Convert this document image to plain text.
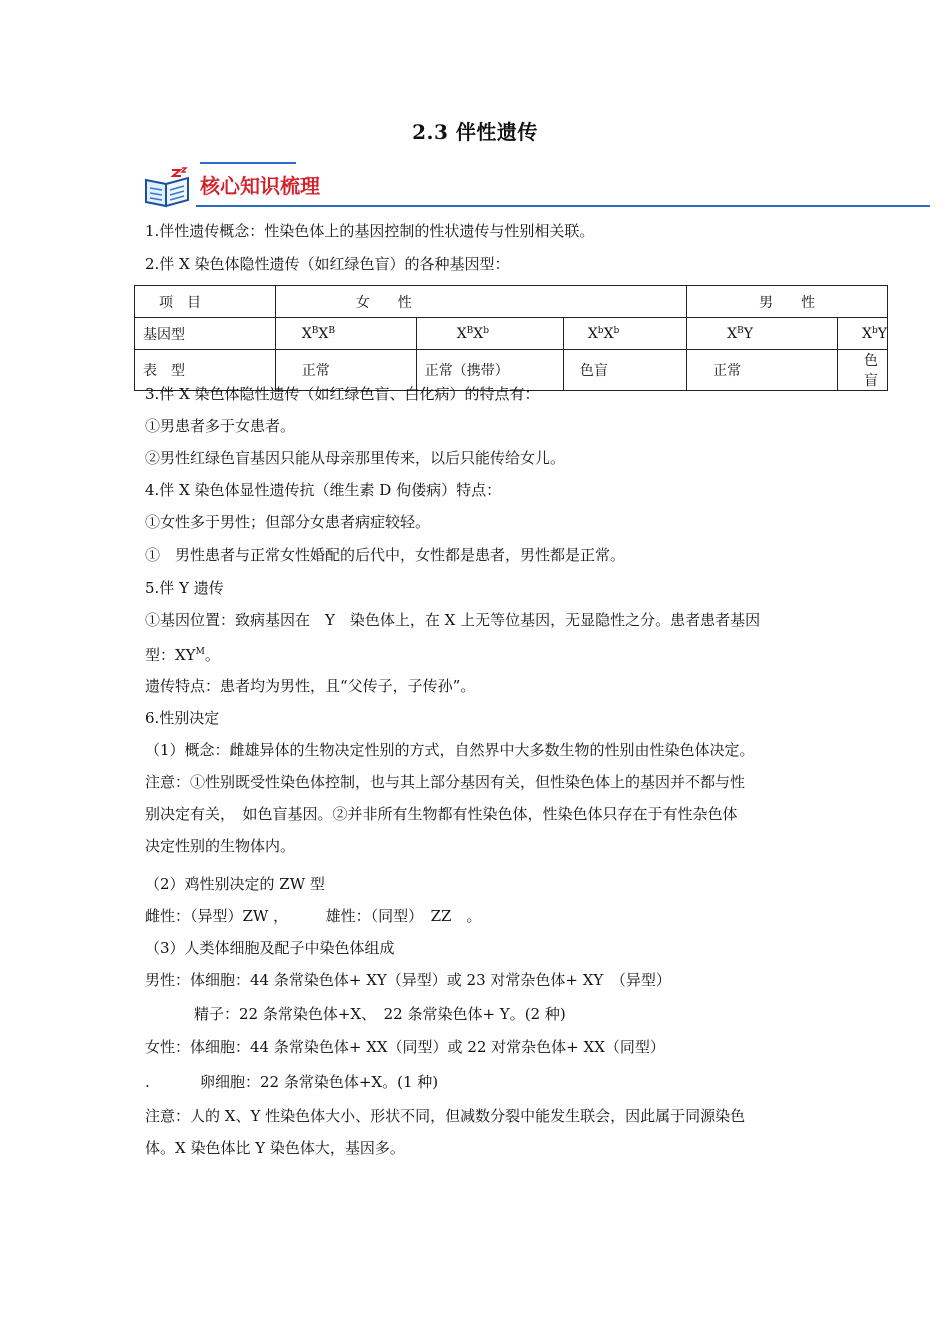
2.3 伴性遗传
核心知识梳理
1.伴性遗传概念：性染色体上的基因控制的性状遗传与性别相关联。
2.伴 X 染色体隐性遗传（如红绿色盲）的各种基因型：
项　目	女　　性			男　　性	
基因型	$X^BX^B$	$X^BX^b$	$X^bX^b$	$X^BY$	$X^bY$
表　型	正常	正常（携带）	色盲	正常	色盲
3.伴 X 染色体隐性遗传（如红绿色盲、白化病）的特点有：
①男患者多于女患者。
②男性红绿色盲基因只能从母亲那里传来，以后只能传给女儿。
4.伴 X 染色体显性遗传抗（维生素 D 佝偻病）特点：
①女性多于男性；但部分女患者病症较轻。
①　男性患者与正常女性婚配的后代中，女性都是患者，男性都是正常。
5.伴 Y 遗传
①基因位置：致病基因在　Y　染色体上，在 X 上无等位基因，无显隐性之分。患者患者基因
型：$XY^M$。
遗传特点：患者均为男性，且“父传子，子传孙”。
6.性别决定
（1）概念：雌雄异体的生物决定性别的方式，自然界中大多数生物的性别由性染色体决定。
注意：①性别既受性染色体控制，也与其上部分基因有关，但性染色体上的基因并不都与性
别决定有关，　如色盲基因。②并非所有生物都有性染色体，性染色体只存在于有性杂色体
决定性别的生物体内。
（2）鸡性别决定的 ZW 型
雌性：（异型）ZW ，　　　雄性：（同型）　ZZ　。
（3）人类体细胞及配子中染色体组成
男性：体细胞：44 条常染色体+ XY（异型）或 23 对常杂色体+ XY　（异型）
精子：22 条常染色体+X、　22 条常染色体+ Y。(2 种)
女性：体细胞：44 条常染色体+ XX（同型）或 22 对常杂色体+ XX（同型）
.	卵细胞：22 条常染色体+X。(1 种)
注意：人的 X、Y 性染色体大小、形状不同，但减数分裂中能发生联会，因此属于同源染色
体。X 染色体比 Y 染色体大，基因多。
